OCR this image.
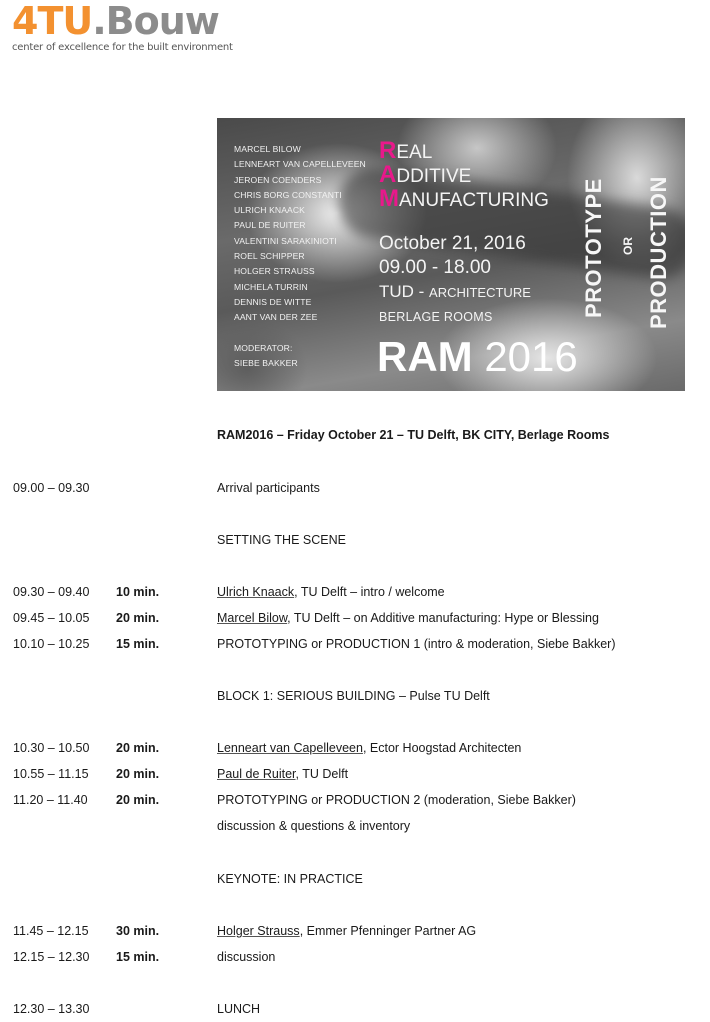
4TU.Bouw
center of excellence for the built environment
MARCEL BILOW
LENNEART VAN CAPELLEVEEN
JEROEN COENDERS
CHRIS BORG CONSTANTI
ULRICH KNAACK
PAUL DE RUITER
VALENTINI SARAKINIOTI
ROEL SCHIPPER
HOLGER STRAUSS
MICHELA TURRIN
DENNIS DE WITTE
AANT VAN DER ZEE
MODERATOR:
SIEBE BAKKER
REAL
ADDITIVE
MANUFACTURING
October 21, 2016
09.00 - 18.00
TUD - ARCHITECTURE
BERLAGE ROOMS
RAM 2016
PROTOTYPE OR PRODUCTION
RAM2016 – Friday October 21 – TU Delft, BK CITY, Berlage Rooms
09.00 – 09.30	Arrival participants
SETTING THE SCENE
09.30 – 09.40 10 min.	Ulrich Knaack, TU Delft – intro / welcome
09.45 – 10.05 20 min.	Marcel Bilow, TU Delft – on Additive manufacturing: Hype or Blessing
10.10 – 10.25 15 min.	PROTOTYPING or PRODUCTION 1 (intro & moderation, Siebe Bakker)
BLOCK 1: SERIOUS BUILDING – Pulse TU Delft
10.30 – 10.50 20 min.	Lenneart van Capelleveen, Ector Hoogstad Architecten
10.55 – 11.15 20 min.	Paul de Ruiter, TU Delft
11.20 – 11.40 20 min.	PROTOTYPING or PRODUCTION 2 (moderation, Siebe Bakker)
discussion & questions & inventory
KEYNOTE: IN PRACTICE
11.45 – 12.15 30 min.	Holger Strauss, Emmer Pfenninger Partner AG
12.15 – 12.30 15 min.	discussion
12.30 – 13.30	LUNCH
